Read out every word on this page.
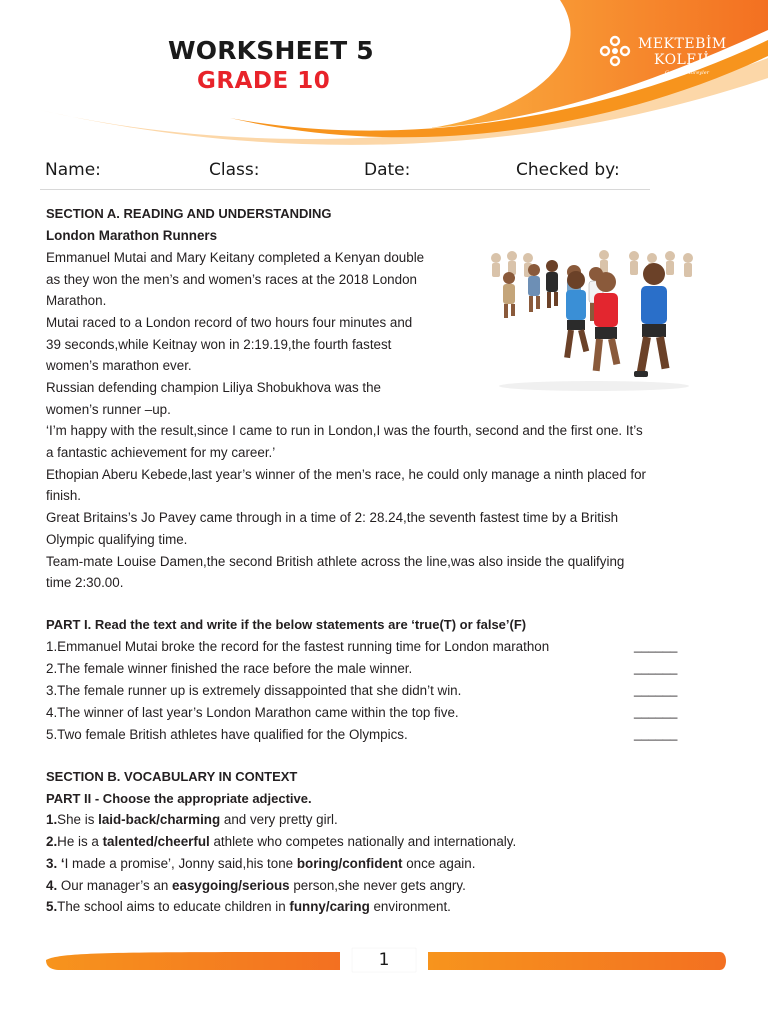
WORKSHEET 5
GRADE 10
MEKTEBİM
KOLEJİ
Geleceği Bireyler
Name:	Class:	Date:	Checked by:
SECTION A. READING AND UNDERSTANDING
London Marathon Runners
Emmanuel Mutai and Mary Keitany completed a Kenyan double
as they won the men’s and women’s races at the 2018 London
Marathon.
Mutai raced to a London record of two hours four minutes and
39 seconds,while Keitnay won in 2:19.19,the fourth fastest
women’s marathon ever.
Russian defending champion Liliya Shobukhova was the
women’s runner –up.
‘I’m happy with the result,since I came to run in London,I was the fourth, second and the first one. It’s
a fantastic achievement for my career.’
Ethopian Aberu Kebede,last year’s winner of the men’s race, he could only manage a ninth placed for
finish.
Great Britains’s Jo Pavey came through in a time of 2: 28.24,the seventh fastest time by a British
Olympic qualifying time.
Team-mate Louise Damen,the second British athlete across the line,was also inside the qualifying
time 2:30.00.
PART I. Read the text and write if the below statements are ‘true(T) or false’(F)
1.Emmanuel Mutai broke the record for the fastest running time for London marathon	______
2.The female winner finished the race before the male winner.	______
3.The female runner up is extremely dissappointed that she didn’t win.	______
4.The winner of last year’s London Marathon came within the top five.	______
5.Two female British athletes have qualified for the Olympics.	______
SECTION B. VOCABULARY IN CONTEXT
PART II - Choose the appropriate adjective.
1.She is laid-back/charming and very pretty girl.
2.He is a talented/cheerful athlete who competes nationally and internationaly.
3. ‘I made a promise’, Jonny said,his tone boring/confident once again.
4. Our manager’s an easygoing/serious person,she never gets angry.
5.The school aims to educate children in funny/caring environment.
1
